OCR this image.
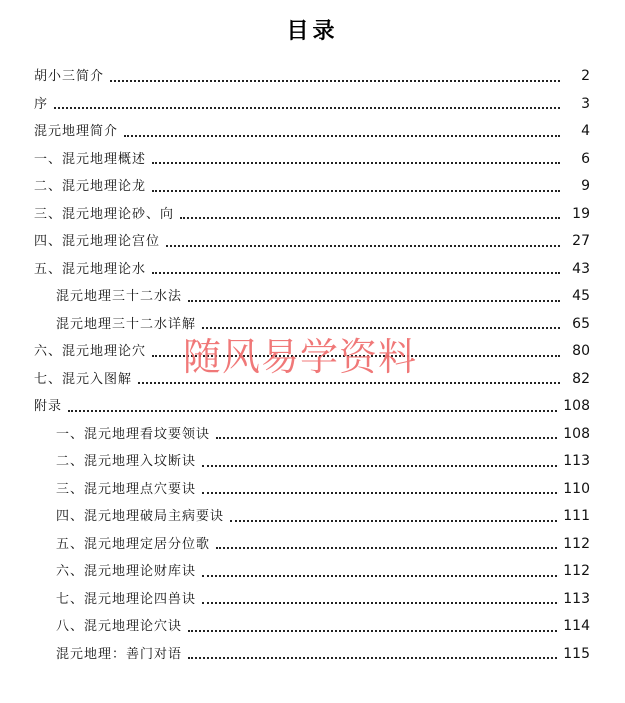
目录
胡小三简介	2
序	3
混元地理简介	4
一、混元地理概述	6
二、混元地理论龙	9
三、混元地理论砂、向	19
四、混元地理论宫位	27
五、混元地理论水	43
混元地理三十二水法	45
混元地理三十二水详解	65
六、混元地理论穴	80
七、混元入图解	82
附录	108
一、混元地理看坟要领诀	108
二、混元地理入坟断诀	113
三、混元地理点穴要诀	110
四、混元地理破局主病要诀	111
五、混元地理定居分位歌	112
六、混元地理论财库诀	112
七、混元地理论四兽诀	113
八、混元地理论穴诀	114
混元地理：善门对语	115
随风易学资料
